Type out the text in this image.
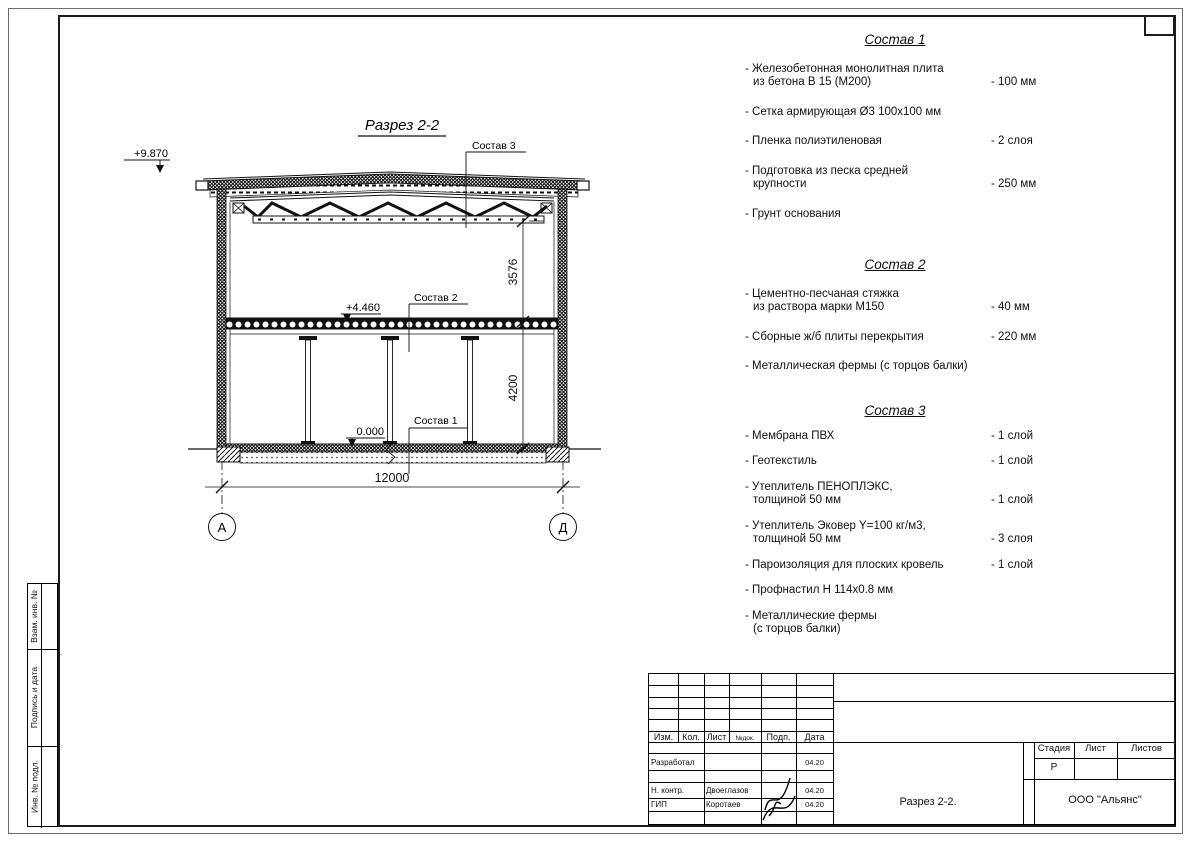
Разрез 2-2
3576
4200
12000
А	Д
+9.870
+4.460
0.000
Состав 3
Состав 2
Состав 1
Состав 1
- Железобетонная монолитная плита
из бетона В 15 (М200)	- 100 мм
- Сетка армирующая Ø3 100х100 мм
- Пленка полиэтиленовая	- 2 слоя
- Подготовка из песка средней
крупности	- 250 мм
- Грунт основания
Состав 2
- Цементно-песчаная стяжка
из раствора марки М150	- 40 мм
- Сборные ж/б плиты перекрытия	- 220 мм
- Металлическая фермы (с торцов балки)
Состав 3
- Мембрана ПВХ	- 1 слой
- Геотекстиль	- 1 слой
- Утеплитель ПЕНОПЛЭКС,
толщиной 50 мм	- 1 слой
- Утеплитель Эковер Y=100 кг/м3,
толщиной 50 мм	- 3 слоя
- Пароизоляция для плоских кровель	- 1 слой
- Профнастил Н 114х0.8 мм
- Металлические фермы
(с торцов балки)
Изм. Кол. Лист	№док.	Подп.	Дата
Разработал	04.20
Н. контр.	Двоеглазов	04.20
ГИП	Коротаев	04.20
Стадия	Лист	Листов
Р
Разрез 2-2.	ООО "Альянс"
Взам. инв. №
Подпись и дата
Инв. № подл.
